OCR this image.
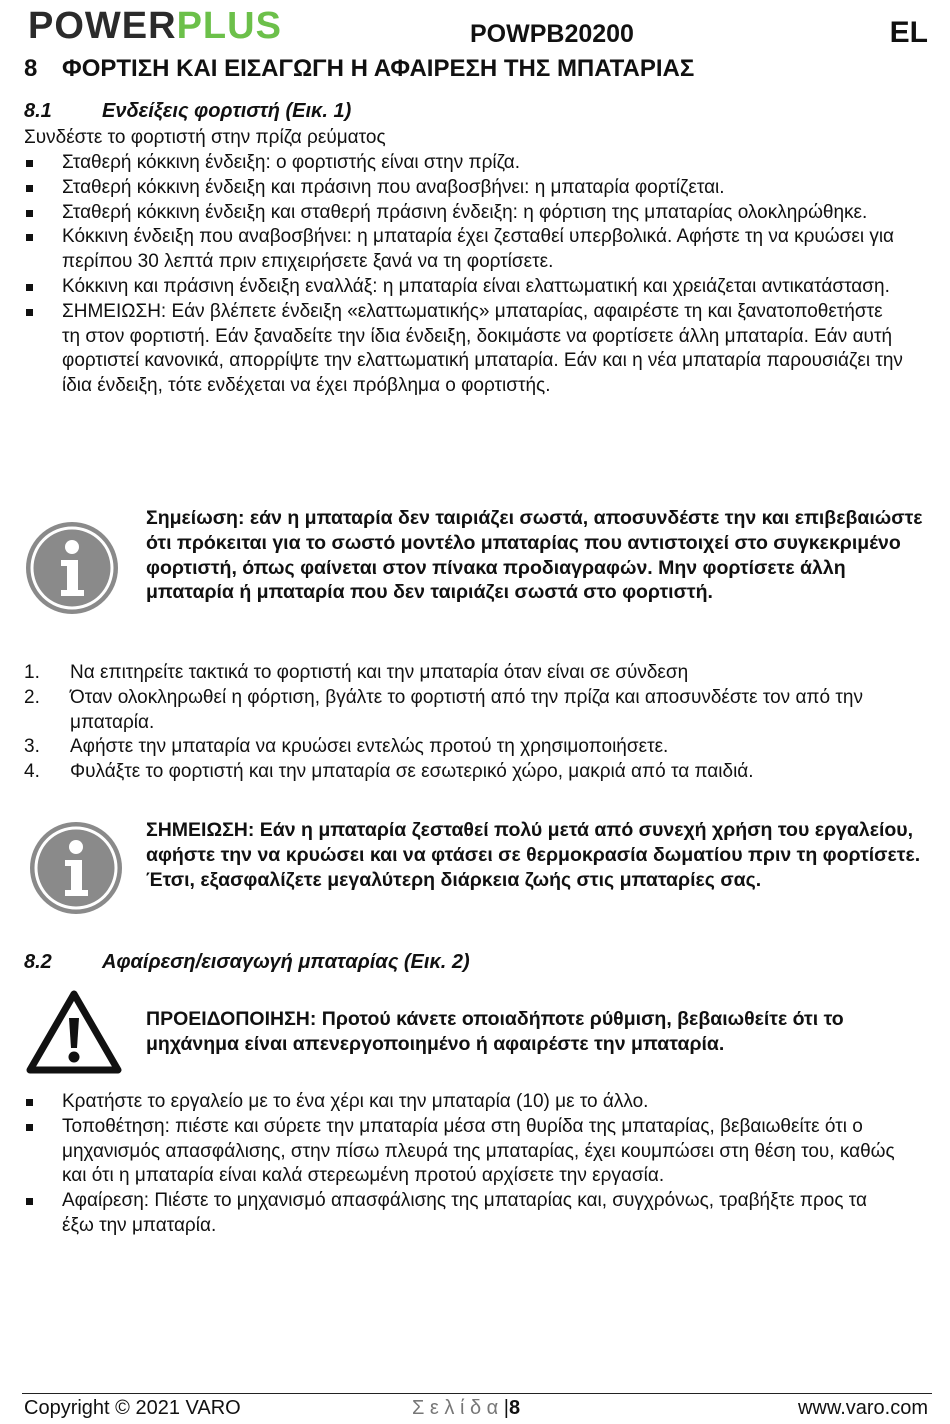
POWERPLUS	POWPB20200	EL
8 ΦΟΡΤΙΣΗ ΚΑΙ ΕΙΣΑΓΩΓΗ Η ΑΦΑΙΡΕΣΗ ΤΗΣ ΜΠΑΤΑΡΙΑΣ
8.1	Ενδείξεις φορτιστή (Εικ. 1)
Συνδέστε το φορτιστή στην πρίζα ρεύματος
Σταθερή κόκκινη ένδειξη: ο φορτιστής είναι στην πρίζα.
Σταθερή κόκκινη ένδειξη και πράσινη που αναβοσβήνει: η μπαταρία φορτίζεται.
Σταθερή κόκκινη ένδειξη και σταθερή πράσινη ένδειξη: η φόρτιση της μπαταρίας ολοκληρώθηκε.
Κόκκινη ένδειξη που αναβοσβήνει: η μπαταρία έχει ζεσταθεί υπερβολικά. Αφήστε τη να κρυώσει για περίπου 30 λεπτά πριν επιχειρήσετε ξανά να τη φορτίσετε.
Κόκκινη και πράσινη ένδειξη εναλλάξ: η μπαταρία είναι ελαττωματική και χρειάζεται αντικατάσταση.
ΣΗΜΕΙΩΣΗ: Εάν βλέπετε ένδειξη «ελαττωματικής» μπαταρίας, αφαιρέστε τη και ξανατοποθετήστε τη στον φορτιστή. Εάν ξαναδείτε την ίδια ένδειξη, δοκιμάστε να φορτίσετε άλλη μπαταρία. Εάν αυτή φορτιστεί κανονικά, απορρίψτε την ελαττωματική μπαταρία. Εάν και η νέα μπαταρία παρουσιάζει την ίδια ένδειξη, τότε ενδέχεται να έχει πρόβλημα ο φορτιστής.
Σημείωση: εάν η μπαταρία δεν ταιριάζει σωστά, αποσυνδέστε την και επιβεβαιώστε ότι πρόκειται για το σωστό μοντέλο μπαταρίας που αντιστοιχεί στο συγκεκριμένο φορτιστή, όπως φαίνεται στον πίνακα προδιαγραφών. Μην φορτίσετε άλλη μπαταρία ή μπαταρία που δεν ταιριάζει σωστά στο φορτιστή.
1. Να επιτηρείτε τακτικά το φορτιστή και την μπαταρία όταν είναι σε σύνδεση
2. Όταν ολοκληρωθεί η φόρτιση, βγάλτε το φορτιστή από την πρίζα και αποσυνδέστε τον από την μπαταρία.
3. Αφήστε την μπαταρία να κρυώσει εντελώς προτού τη χρησιμοποιήσετε.
4. Φυλάξτε το φορτιστή και την μπαταρία σε εσωτερικό χώρο, μακριά από τα παιδιά.
ΣΗΜΕΙΩΣΗ: Εάν η μπαταρία ζεσταθεί πολύ μετά από συνεχή χρήση του εργαλείου, αφήστε την να κρυώσει και να φτάσει σε θερμοκρασία δωματίου πριν τη φορτίσετε. Έτσι, εξασφαλίζετε μεγαλύτερη διάρκεια ζωής στις μπαταρίες σας.
8.2	Αφαίρεση/εισαγωγή μπαταρίας (Εικ. 2)
ΠΡΟΕΙΔΟΠΟΙΗΣΗ: Προτού κάνετε οποιαδήποτε ρύθμιση, βεβαιωθείτε ότι το μηχάνημα είναι απενεργοποιημένο ή αφαιρέστε την μπαταρία.
Κρατήστε το εργαλείο με το ένα χέρι και την μπαταρία (10) με το άλλο.
Τοποθέτηση: πιέστε και σύρετε την μπαταρία μέσα στη θυρίδα της μπαταρίας, βεβαιωθείτε ότι ο μηχανισμός απασφάλισης, στην πίσω πλευρά της μπαταρίας, έχει κουμπώσει στη θέση του, καθώς και ότι η μπαταρία είναι καλά στερεωμένη προτού αρχίσετε την εργασία.
Αφαίρεση: Πιέστε το μηχανισμό απασφάλισης της μπαταρίας και, συγχρόνως, τραβήξτε προς τα έξω την μπαταρία.
Copyright © 2021 VARO	Σ ε λ ί δ α |8	www.varo.com
